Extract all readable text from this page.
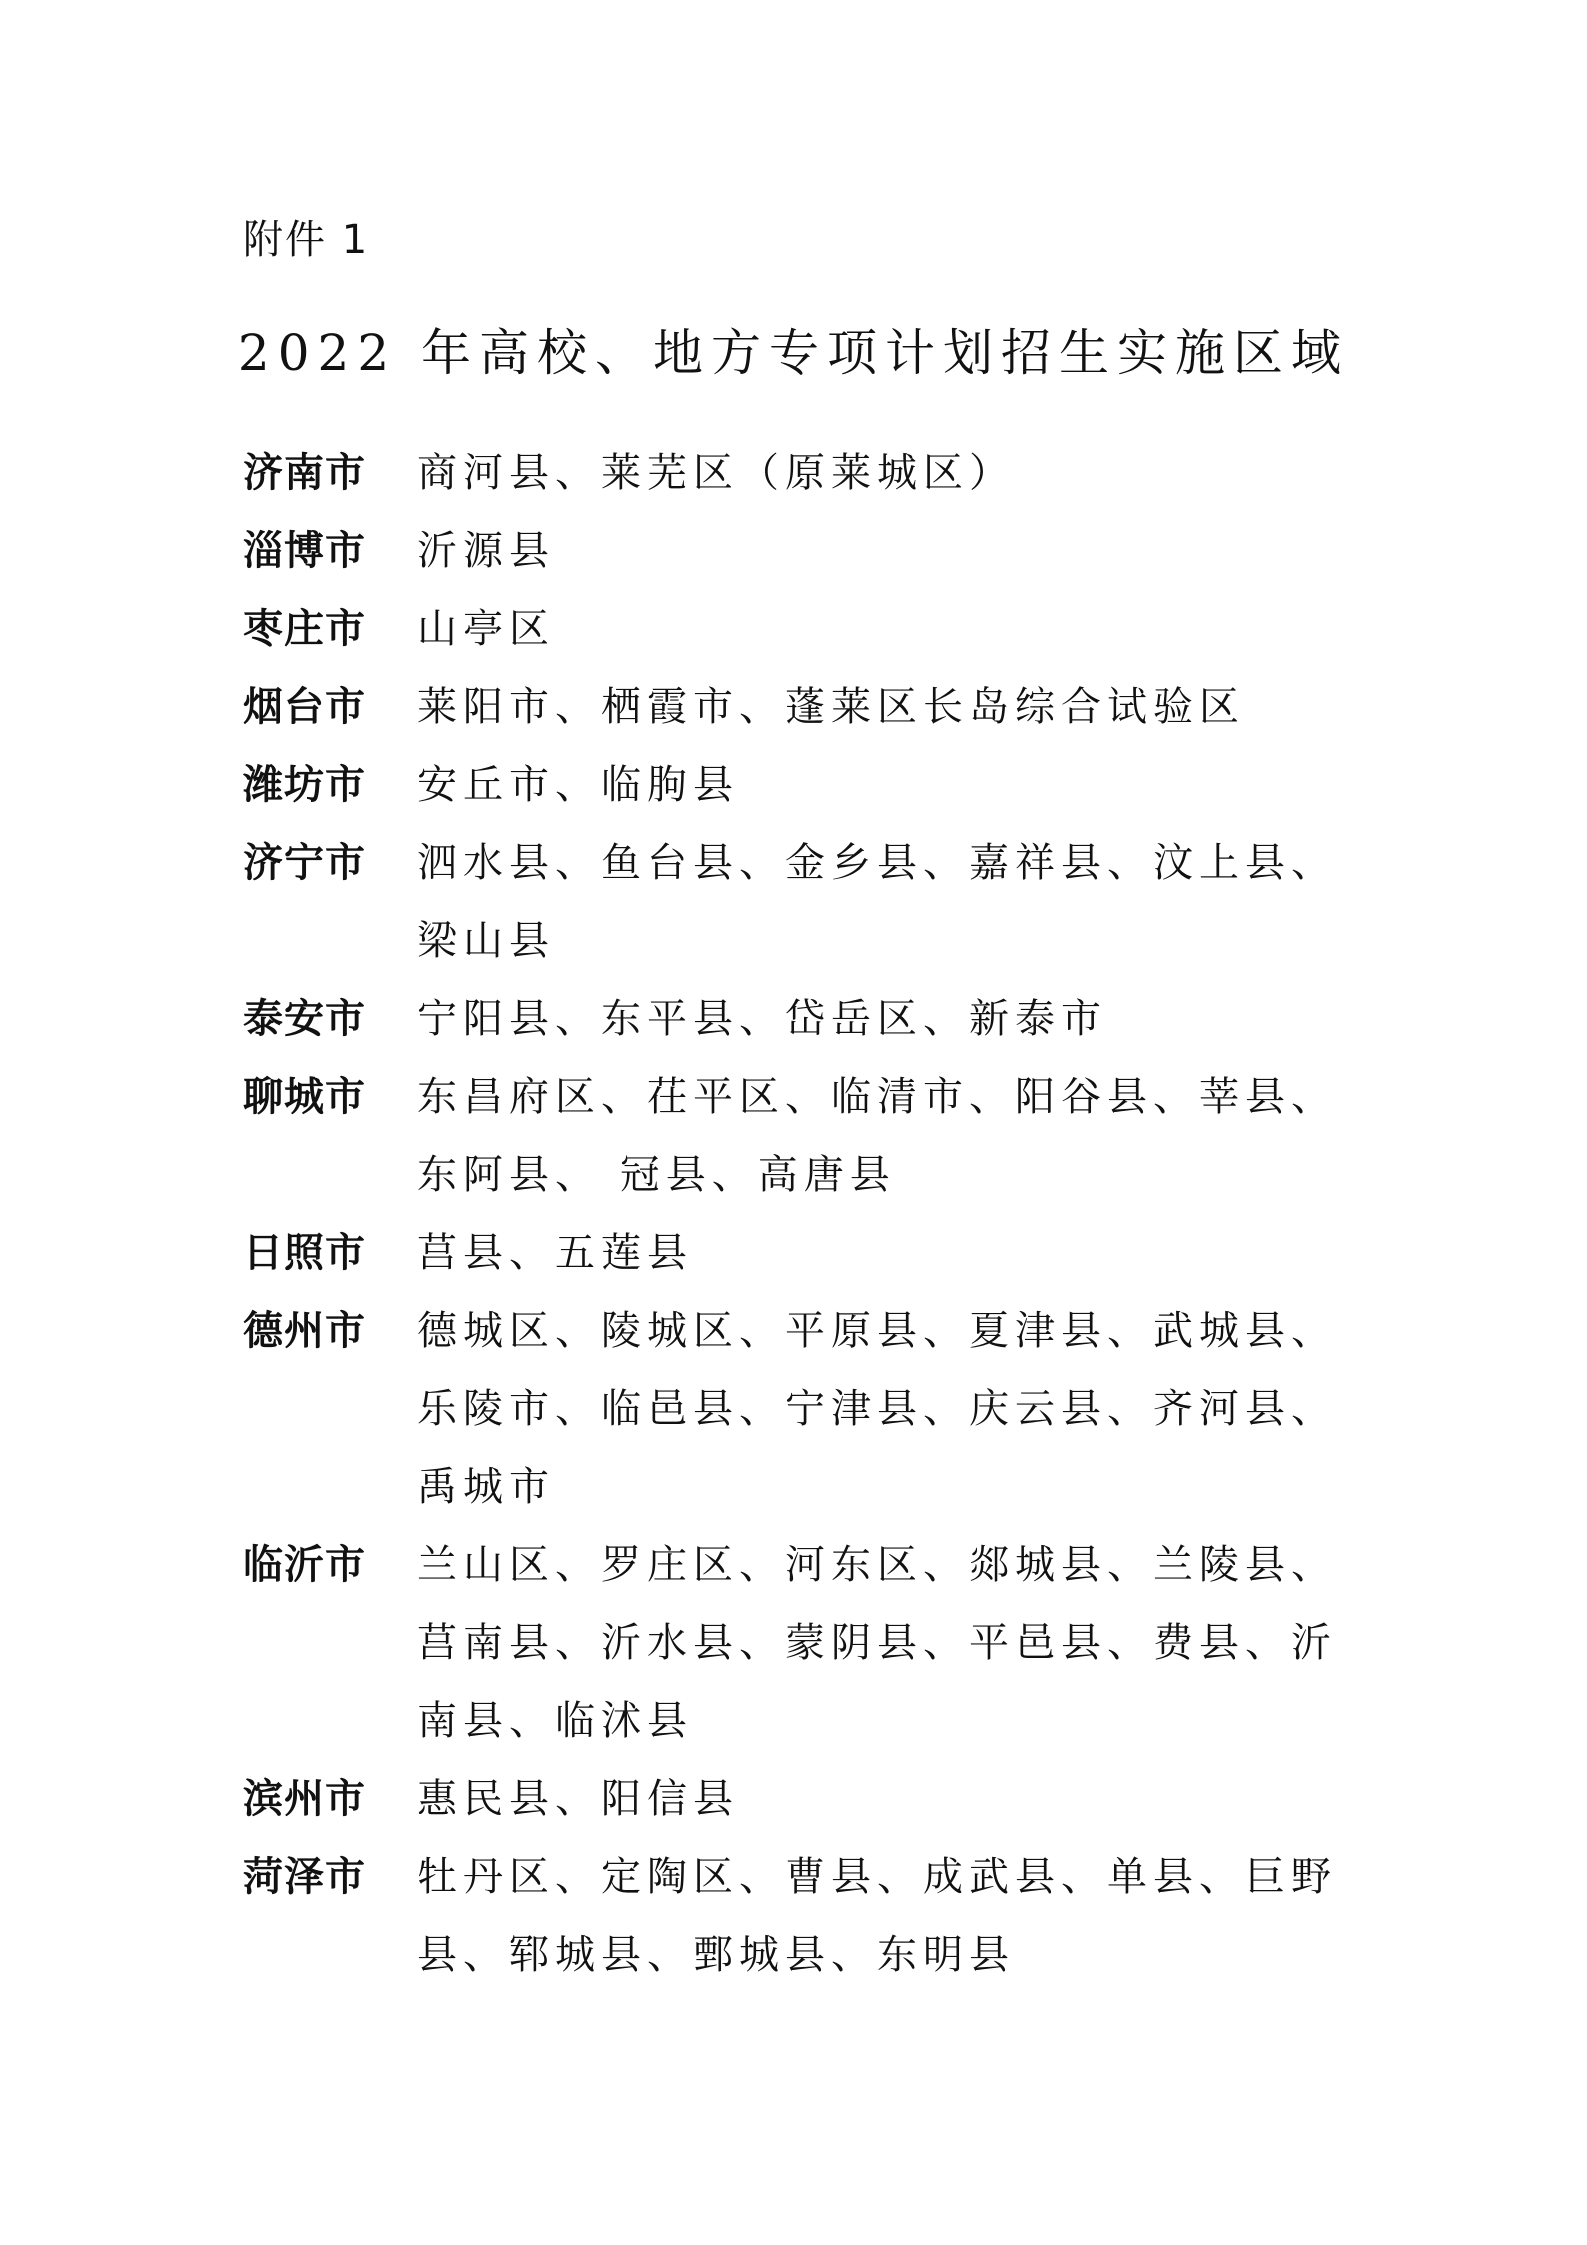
附件 1
2022 年高校、地方专项计划招生实施区域
济南市	商河县、莱芜区（原莱城区）
淄博市	沂源县
枣庄市	山亭区
烟台市	莱阳市、栖霞市、蓬莱区长岛综合试验区
潍坊市	安丘市、临朐县
济宁市	泗水县、鱼台县、金乡县、嘉祥县、汶上县、梁山县
泰安市	宁阳县、东平县、岱岳区、新泰市
聊城市	东昌府区、茌平区、临清市、阳谷县、莘县、东阿县、 冠县、高唐县
日照市	莒县、五莲县
德州市	德城区、陵城区、平原县、夏津县、武城县、乐陵市、临邑县、宁津县、庆云县、齐河县、禹城市
临沂市	兰山区、罗庄区、河东区、郯城县、兰陵县、莒南县、沂水县、蒙阴县、平邑县、费县、沂南县、临沭县
滨州市	惠民县、阳信县
菏泽市	牡丹区、定陶区、曹县、成武县、单县、巨野县、郓城县、鄄城县、东明县
